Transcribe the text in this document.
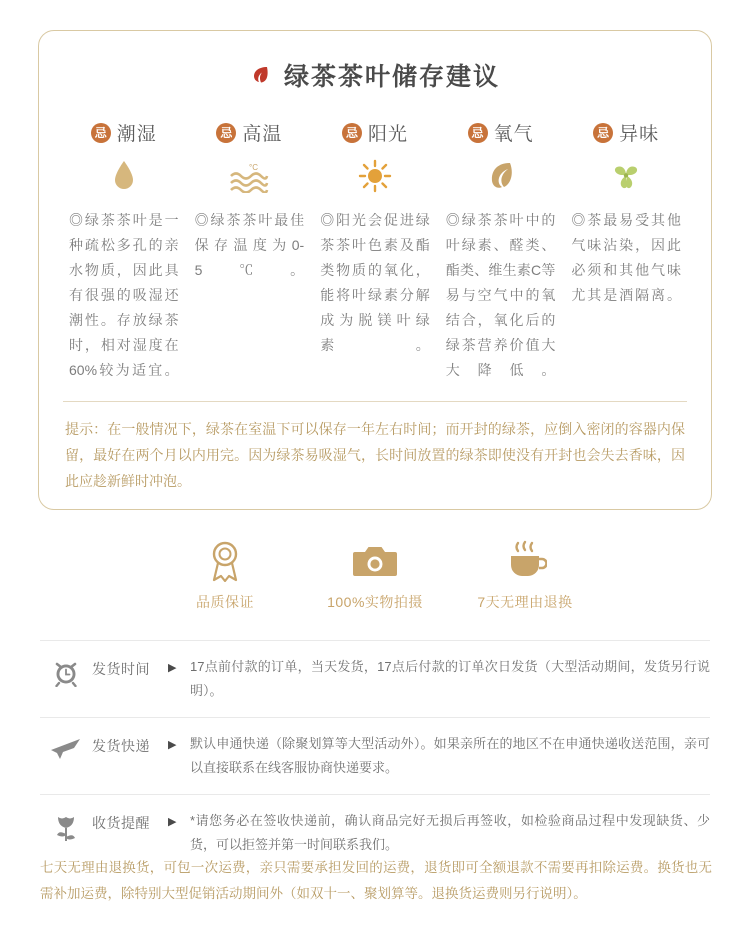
绿茶茶叶储存建议
忌 潮湿
◎绿茶茶叶是一种疏松多孔的亲水物质，因此具有很强的吸湿还潮性。存放绿茶时，相对湿度在60%较为适宜。
忌 高温
°C
◎绿茶茶叶最佳保存温度为0-5℃。
忌 阳光
◎阳光会促进绿茶茶叶色素及酯类物质的氧化，能将叶绿素分解成为脱镁叶绿素。
忌 氧气
◎绿茶茶叶中的叶绿素、醛类、酯类、维生素C等易与空气中的氧结合，氧化后的绿茶营养价值大大降低。
忌 异味
◎茶最易受其他气味沾染，因此必须和其他气味尤其是酒隔离。
提示：在一般情况下，绿茶在室温下可以保存一年左右时间；而开封的绿茶，应倒入密闭的容器内保留，最好在两个月以内用完。因为绿茶易吸湿气，长时间放置的绿茶即使没有开封也会失去香味，因此应趁新鲜时冲泡。
品质保证	100%实物拍摄	7天无理由退换
发货时间	▶	17点前付款的订单，当天发货，17点后付款的订单次日发货（大型活动期间，发货另行说明）。
发货快递	▶	默认申通快递（除聚划算等大型活动外）。如果亲所在的地区不在申通快递收送范围，亲可以直接联系在线客服协商快递要求。
收货提醒	▶	*请您务必在签收快递前，确认商品完好无损后再签收，如检验商品过程中发现缺货、少货，可以拒签并第一时间联系我们。
七天无理由退换货，可包一次运费，亲只需要承担发回的运费，退货即可全额退款不需要再扣除运费。换货也无需补加运费，除特别大型促销活动期间外（如双十一、聚划算等。退换货运费则另行说明）。
